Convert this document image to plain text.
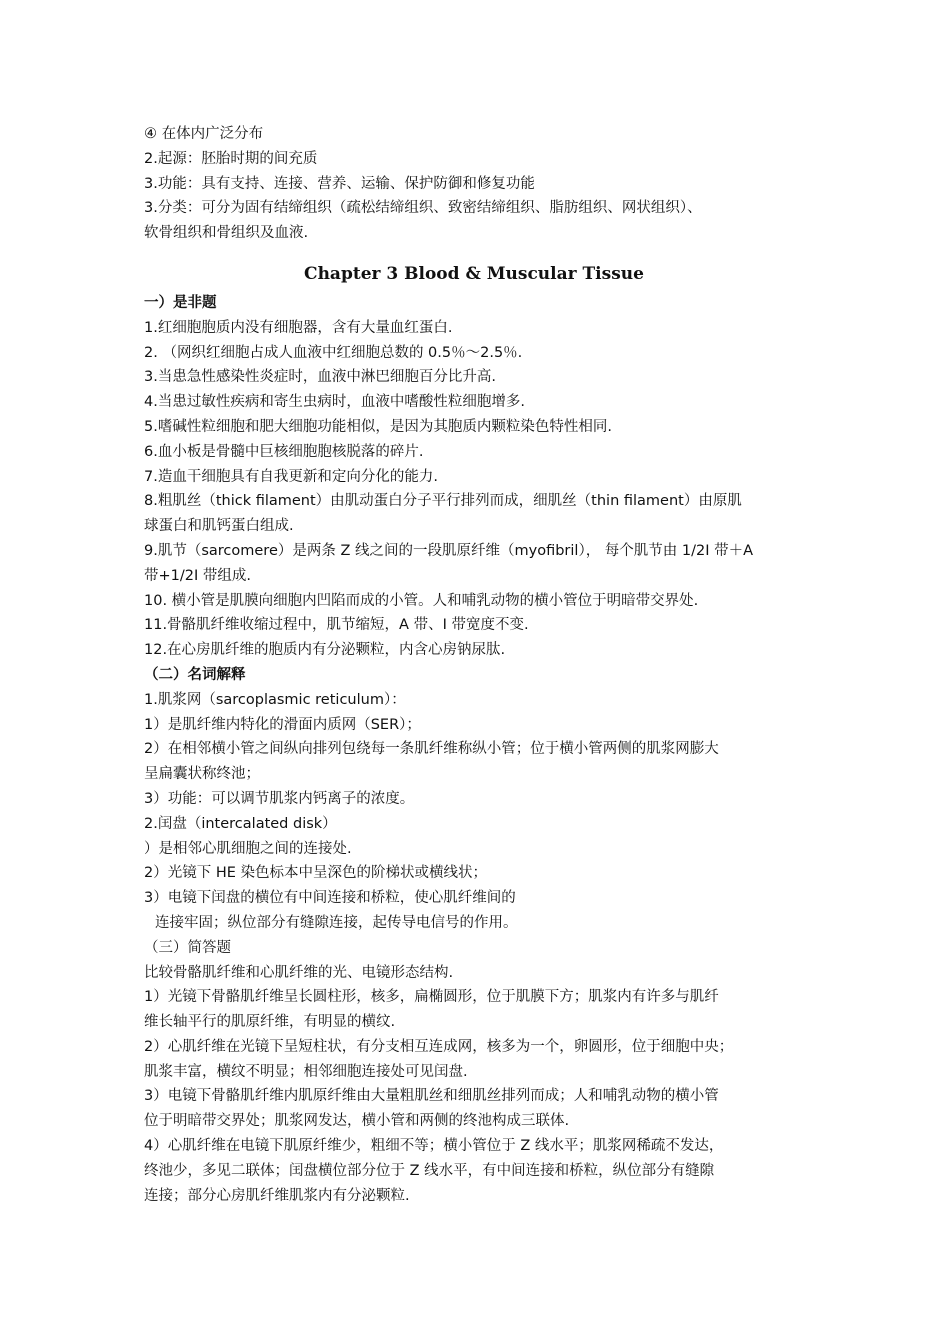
④ 在体内广泛分布
2.起源：胚胎时期的间充质
3.功能：具有支持、连接、营养、运输、保护防御和修复功能
3.分类：可分为固有结缔组织（疏松结缔组织、致密结缔组织、脂肪组织、网状组织）、
软骨组织和骨组织及血液.
Chapter 3 Blood & Muscular Tissue
一）是非题
1.红细胞胞质内没有细胞器，含有大量血红蛋白.
2. （网织红细胞占成人血液中红细胞总数的 0.5％～2.5％.
3.当患急性感染性炎症时，血液中淋巴细胞百分比升高.
4.当患过敏性疾病和寄生虫病时，血液中嗜酸性粒细胞增多.
5.嗜碱性粒细胞和肥大细胞功能相似，是因为其胞质内颗粒染色特性相同.
6.血小板是骨髓中巨核细胞胞核脱落的碎片.
7.造血干细胞具有自我更新和定向分化的能力.
8.粗肌丝（thick filament）由肌动蛋白分子平行排列而成，细肌丝（thin filament）由原肌
球蛋白和肌钙蛋白组成.
9.肌节（sarcomere）是两条 Z 线之间的一段肌原纤维（myofibril）， 每个肌节由 1/2I 带＋A
带+1/2I 带组成.
10. 横小管是肌膜向细胞内凹陷而成的小管。人和哺乳动物的横小管位于明暗带交界处.
11.骨骼肌纤维收缩过程中，肌节缩短，A 带、I 带宽度不变.
12.在心房肌纤维的胞质内有分泌颗粒，内含心房钠尿肽.
（二）名词解释
1.肌浆网（sarcoplasmic reticulum）：
1）是肌纤维内特化的滑面内质网（SER）；
2）在相邻横小管之间纵向排列包绕每一条肌纤维称纵小管；位于横小管两侧的肌浆网膨大
呈扁囊状称终池；
3）功能：可以调节肌浆内钙离子的浓度。
2.闰盘（intercalated disk）
）是相邻心肌细胞之间的连接处.
2）光镜下 HE 染色标本中呈深色的阶梯状或横线状；
3）电镜下闰盘的横位有中间连接和桥粒，使心肌纤维间的
连接牢固；纵位部分有缝隙连接，起传导电信号的作用。
（三）简答题
比较骨骼肌纤维和心肌纤维的光、电镜形态结构.
1）光镜下骨骼肌纤维呈长圆柱形，核多，扁椭圆形，位于肌膜下方；肌浆内有许多与肌纤
维长轴平行的肌原纤维，有明显的横纹.
2）心肌纤维在光镜下呈短柱状，有分支相互连成网，核多为一个，卵圆形，位于细胞中央；
肌浆丰富，横纹不明显；相邻细胞连接处可见闰盘.
3）电镜下骨骼肌纤维内肌原纤维由大量粗肌丝和细肌丝排列而成；人和哺乳动物的横小管
位于明暗带交界处；肌浆网发达，横小管和两侧的终池构成三联体.
4）心肌纤维在电镜下肌原纤维少，粗细不等；横小管位于 Z 线水平；肌浆网稀疏不发达，
终池少，多见二联体；闰盘横位部分位于 Z 线水平，有中间连接和桥粒，纵位部分有缝隙
连接；部分心房肌纤维肌浆内有分泌颗粒.
